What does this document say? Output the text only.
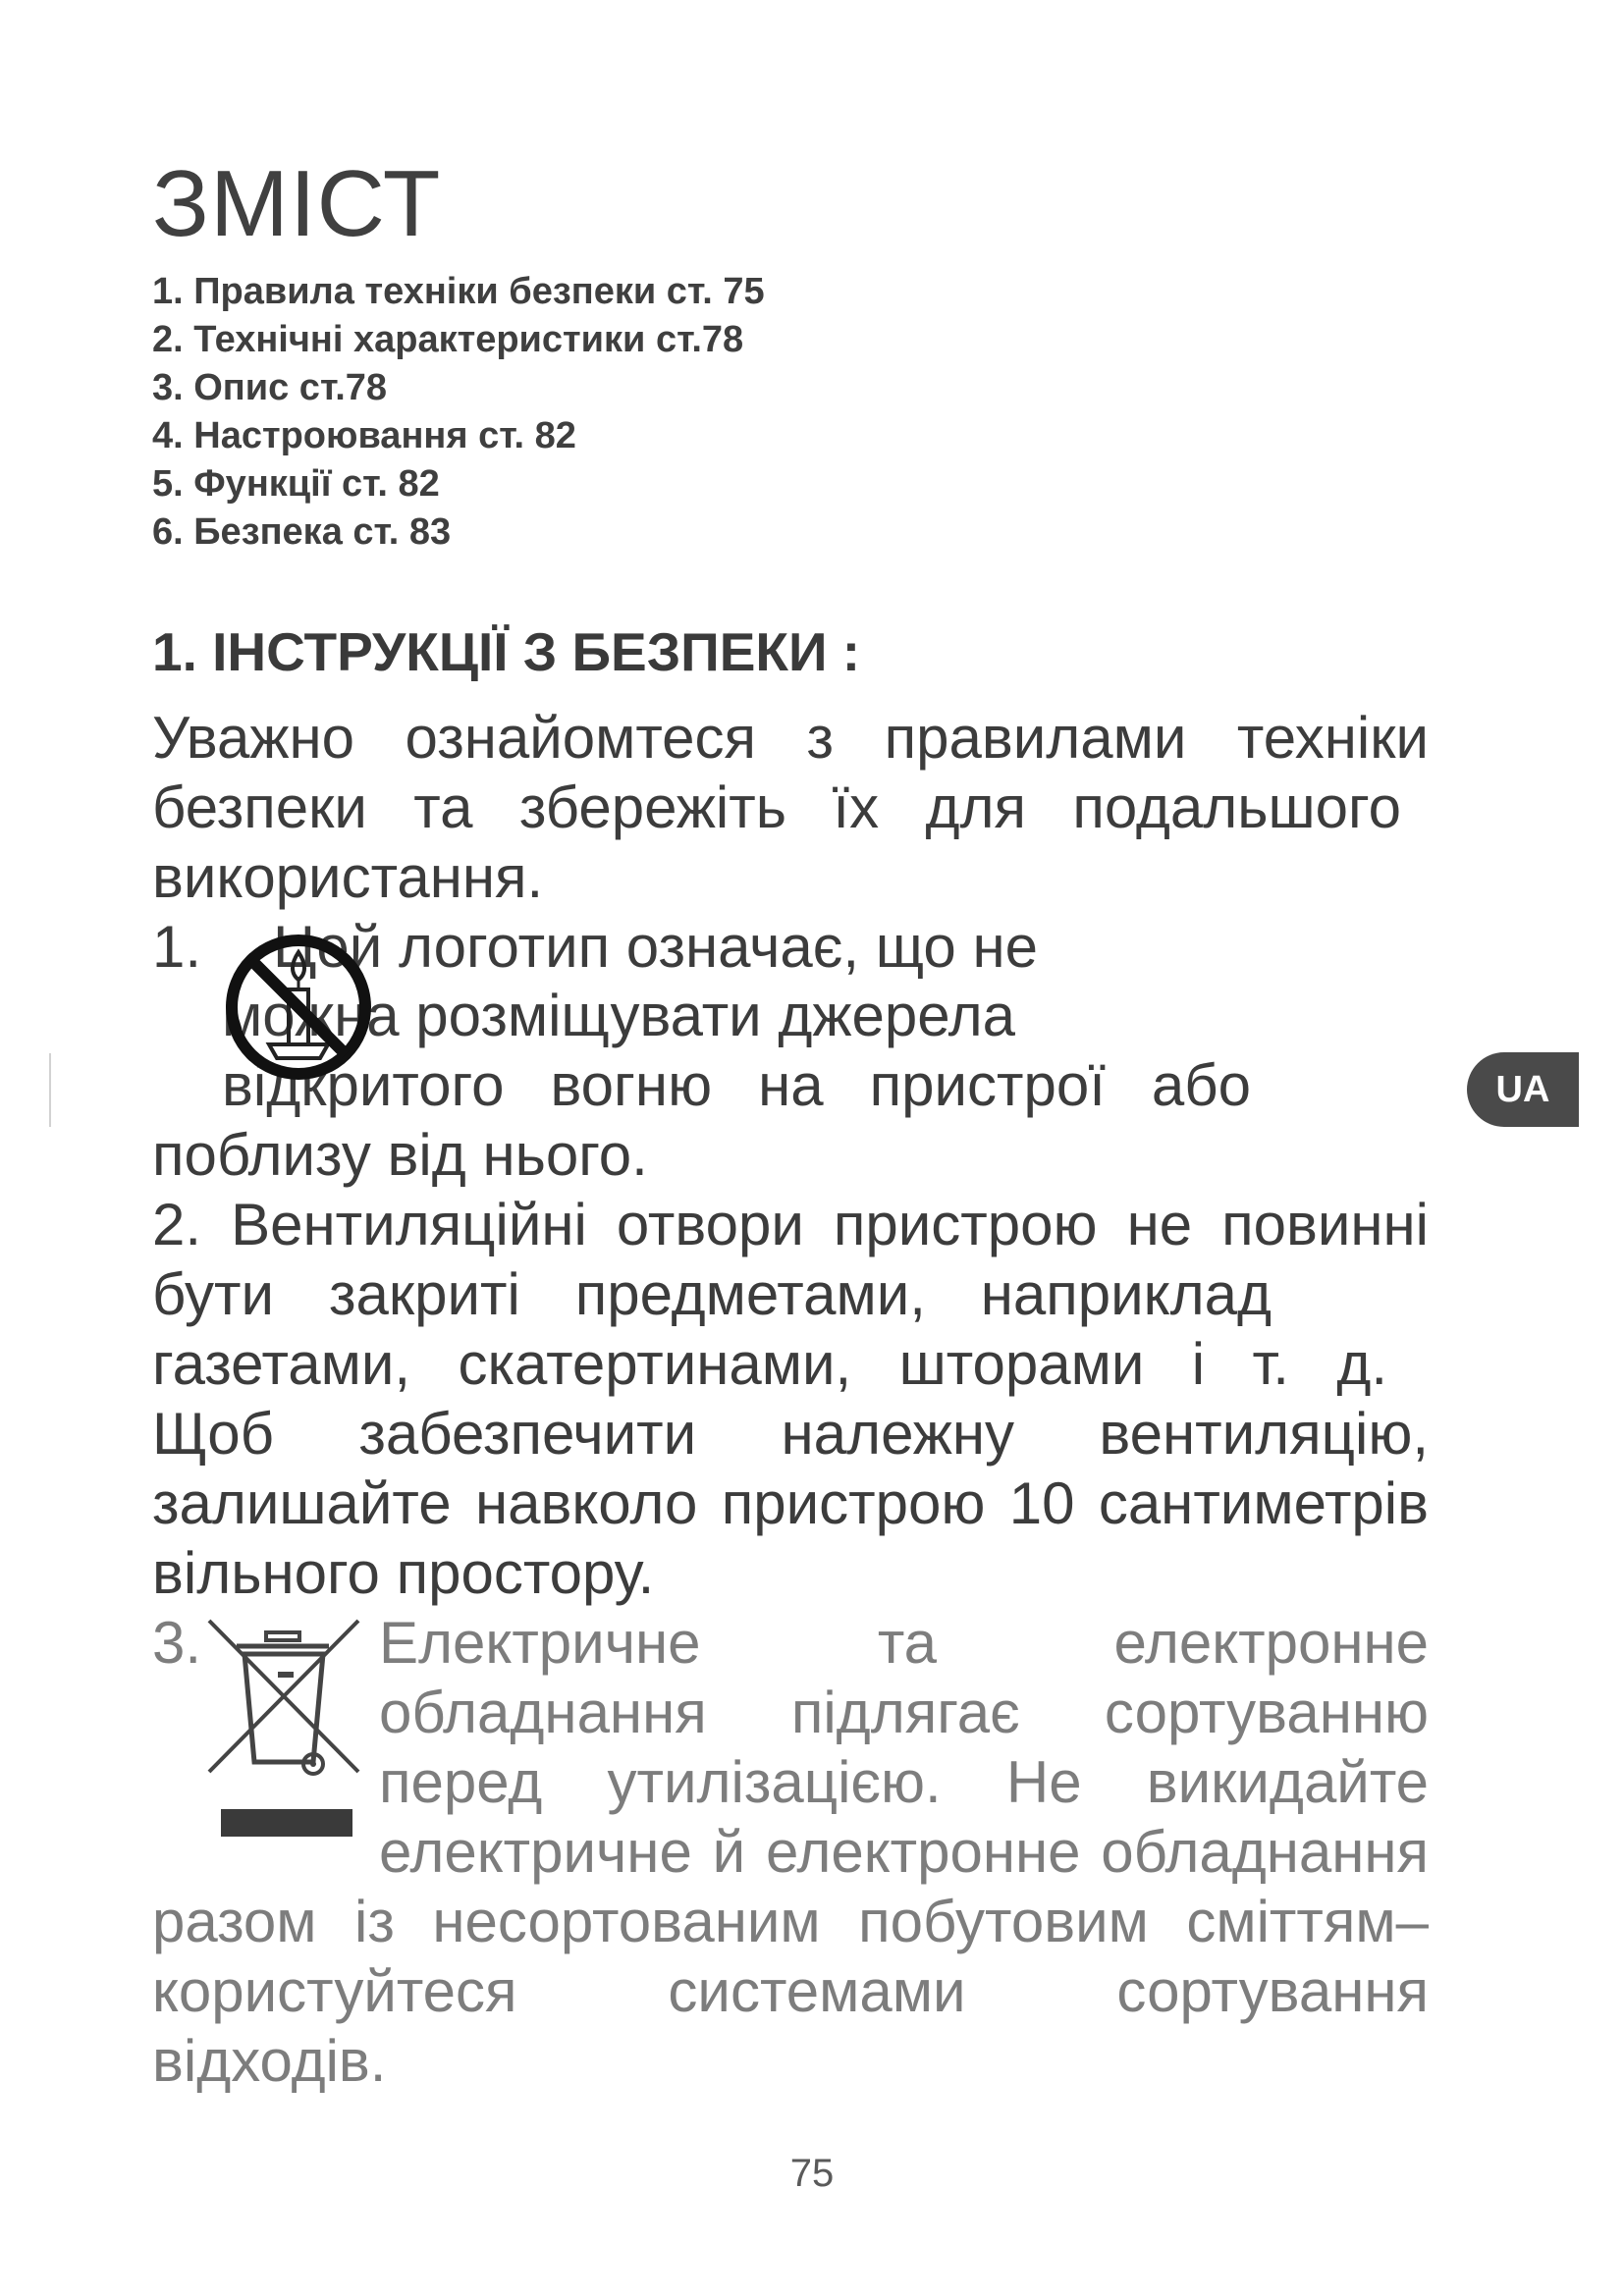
ЗМІСТ
1. Правила техніки безпеки ст. 75
2. Технічні характеристики ст.78
3. Опис ст.78
4. Настроювання ст. 82
5. Функції ст. 82
6. Безпека ст. 83
1. ІНСТРУКЦІЇ З БЕЗПЕКИ :
Уважно ознайомтеся з правилами техніки
безпеки та збережіть їх для подальшого
використання.
1. Цей логотип означає, що не
можна розміщувати джерела
відкритого вогню на пристрої або
поблизу від нього.
2. Вентиляційні отвори пристрою не повинні
бути закриті предметами, наприклад
газетами, скатертинами, шторами і т. д.
Щоб забезпечити належну вентиляцію,
залишайте навколо пристрою 10 сантиметрів
вільного простору.
3.	Електричне та електронне
обладнання підлягає сортуванню
перед утилізацією. Не викидайте
електричне й електронне обладнання
разом із несортованим побутовим сміттям–
користуйтеся системами сортування
відходів.
UA
75
